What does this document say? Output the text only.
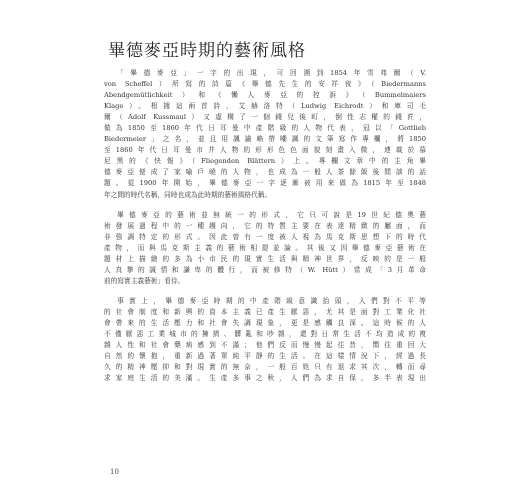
畢德麥亞時期的藝術風格
「畢德麥亞」一字的出現，可回溯到1854年雪弗爾（V.
von Scheffel）所寫的詩篇《畢德先生的安祥夜》（Biedermanns
Abendgemütlichkeit）和《懶人麥亞的控訴》（Bummelmaiers
Klage）。根據這兩首詩，艾赫洛特（Ludwig Eichrodt）和庫司毛
爾（Adolf Kussmaul）又虛構了一個錢兒後町，倒性志權的錢匠，
做為1850至1860年代日耳曼中產階級的人物代表，冠以「Gottlieb
Biedermeier」之名，並且用諷諭略帶嘲諷的文筆寫作專欄，將1850
至1860年代日耳曼市井人物的形形色色面貌刻畫入微，連載於慕
尼黑的《快報》（Fliegenden Blättern）上。專欄文章中的主角畢
德麥亞便成了家喻戶曉的人物，也成為一般人茶餘飯後閒談的話
題。從1900年開始，畢德麥亞一字逐漸被用來做為1815年至1848
年之間的時代名稱，同時也成為此時期的藝術風格代稱。
畢德麥亞的藝術並無統一的形式，它只可說是19世紀德奧藝
術發展過程中的一種趨向，它的特質主要在表達精緻的屬面，而
非強調特定的形式。因此曾有一度被人視為馬克斯思想下的時代
產物，而與馬克斯主義的藝術相提並論。其後又因畢德麥亞藝術在
題材上描繪的多為小市民的現實生活與精神世界，反映的是一般
人真摯的誠情和謙卑的體行，而被修特（W. Hütt）當成「3月革命
前的寫實主義藝術」看待。
事實上，畢德麥亞時期的中產階級意識抬頭，人們對不平等
的社會制度和新興的資本主義已產生厭惡，尤其是面對工業化社
會帶來的生活壓力和社會失調現象，更是感觸良深。這時候的人
不僅厭惡工業城市的擁擠、髒亂和吵雜，還對日常生活不均造成的複
雜人性和社會藥病感到不滿；他們反而慢慢起往昔，嚮往重回大
自然的懷抱，重新過著單純平靜的生活。在這樣情況下，經過長
久的精神壓抑和對現實的無奈，一般百姓只有退求其次，轉而尋
求家庭生活的美滿。生產多事之秋，人們為求自保，多半表現出
10
